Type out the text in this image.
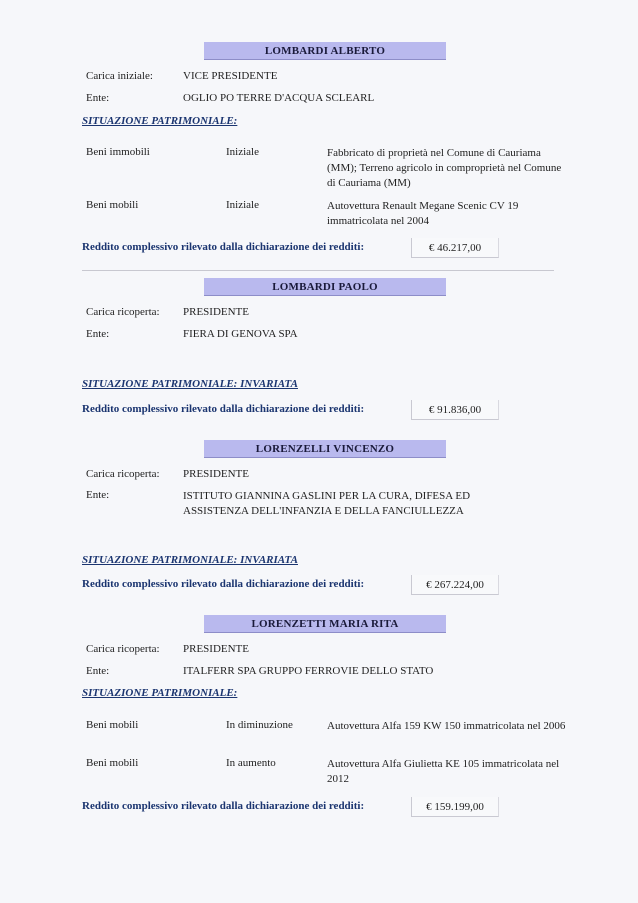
LOMBARDI ALBERTO
Carica iniziale:	VICE PRESIDENTE
Ente:	OGLIO PO TERRE D'ACQUA SCLEARL
SITUAZIONE PATRIMONIALE:
Beni immobili	Iniziale	Fabbricato di proprietà nel Comune di Cauriama (MM); Terreno agricolo in comproprietà nel Comune di Cauriama (MM)
Beni mobili	Iniziale	Autovettura Renault Megane Scenic CV 19 immatricolata nel 2004
Reddito complessivo rilevato dalla dichiarazione dei redditi:	€ 46.217,00
LOMBARDI PAOLO
Carica ricoperta: PRESIDENTE
Ente:	FIERA DI GENOVA SPA
SITUAZIONE PATRIMONIALE: INVARIATA
Reddito complessivo rilevato dalla dichiarazione dei redditi:	€ 91.836,00
LORENZELLI VINCENZO
Carica ricoperta: PRESIDENTE
Ente:	ISTITUTO GIANNINA GASLINI PER LA CURA, DIFESA ED ASSISTENZA DELL'INFANZIA E DELLA FANCIULLEZZA
SITUAZIONE PATRIMONIALE: INVARIATA
Reddito complessivo rilevato dalla dichiarazione dei redditi:	€ 267.224,00
LORENZETTI MARIA RITA
Carica ricoperta: PRESIDENTE
Ente:	ITALFERR SPA GRUPPO FERROVIE DELLO STATO
SITUAZIONE PATRIMONIALE:
Beni mobili	In diminuzione	Autovettura Alfa 159 KW 150 immatricolata nel 2006
Beni mobili	In aumento	Autovettura Alfa Giulietta KE 105 immatricolata nel 2012
Reddito complessivo rilevato dalla dichiarazione dei redditi:	€ 159.199,00
